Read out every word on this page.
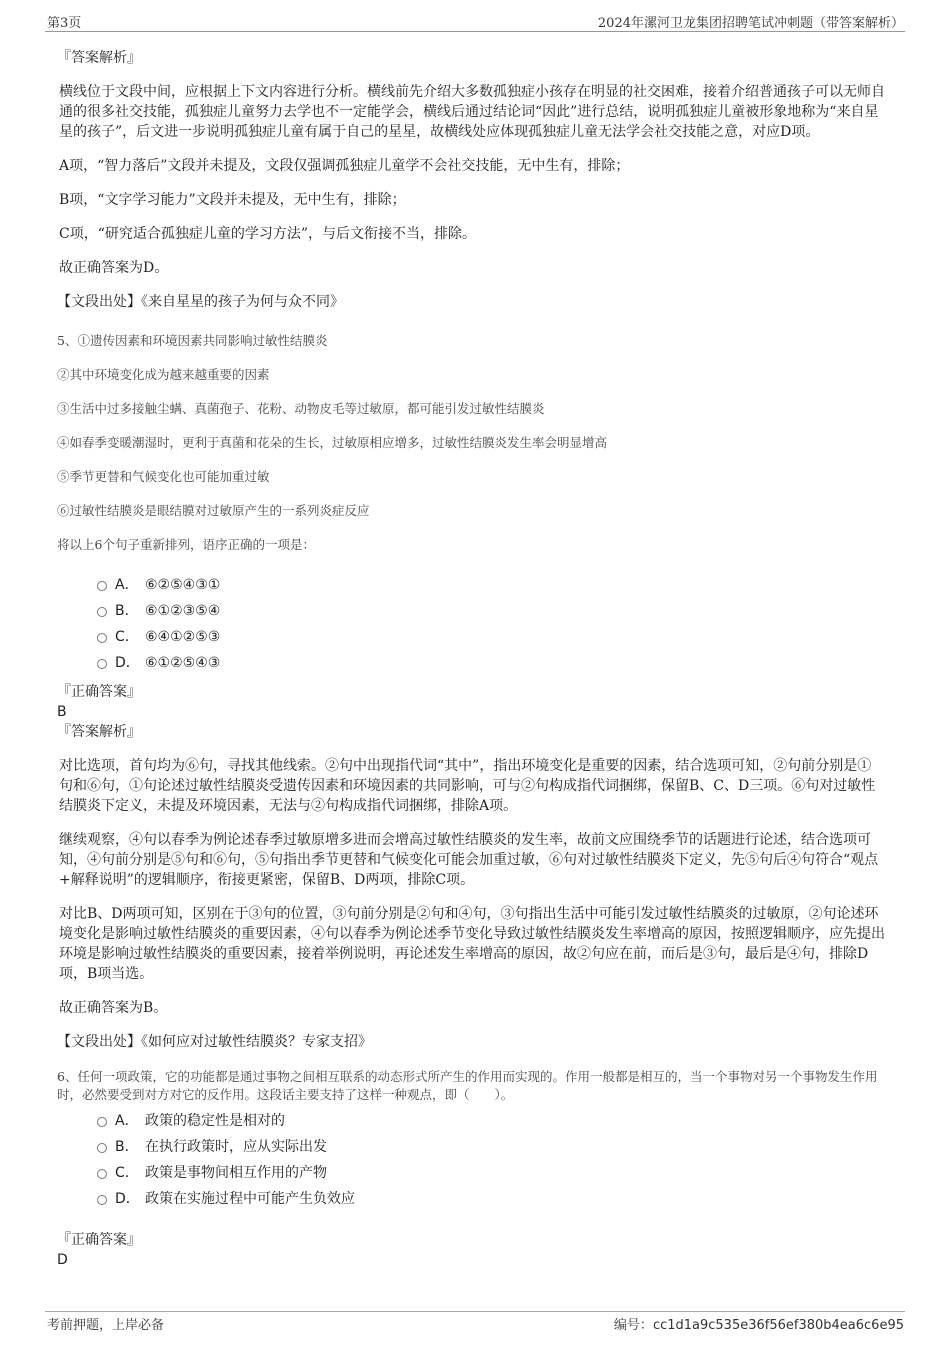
第3页	2024年漯河卫龙集团招聘笔试冲刺题（带答案解析）
『答案解析』

横线位于文段中间，应根据上下文内容进行分析。横线前先介绍大多数孤独症小孩存在明显的社交困难，接着介绍普通孩子可以无师自通的很多社交技能，孤独症儿童努力去学也不一定能学会，横线后通过结论词“因此”进行总结，说明孤独症儿童被形象地称为“来自星星的孩子”，后文进一步说明孤独症儿童有属于自己的星星，故横线处应体现孤独症儿童无法学会社交技能之意，对应D项。

A项，“智力落后”文段并未提及，文段仅强调孤独症儿童学不会社交技能，无中生有，排除；

B项，“文字学习能力”文段并未提及，无中生有，排除；

C项，“研究适合孤独症儿童的学习方法”，与后文衔接不当，排除。

故正确答案为D。

【文段出处】《来自星星的孩子为何与众不同》

5、①遗传因素和环境因素共同影响过敏性结膜炎

②其中环境变化成为越来越重要的因素

③生活中过多接触尘螨、真菌孢子、花粉、动物皮毛等过敏原，都可能引发过敏性结膜炎

④如春季变暖潮湿时，更利于真菌和花朵的生长，过敏原相应增多，过敏性结膜炎发生率会明显增高

⑤季节更替和气候变化也可能加重过敏

⑥过敏性结膜炎是眼结膜对过敏原产生的一系列炎症反应

将以上6个句子重新排列，语序正确的一项是：

A． ⑥②⑤④③①
B． ⑥①②③⑤④
C． ⑥④①②⑤③
D． ⑥①②⑤④③
『正确答案』
B
『答案解析』

对比选项，首句均为⑥句，寻找其他线索。②句中出现指代词“其中”，指出环境变化是重要的因素，结合选项可知，②句前分别是①句和⑥句，①句论述过敏性结膜炎受遗传因素和环境因素的共同影响，可与②句构成指代词捆绑，保留B、C、D三项。⑥句对过敏性结膜炎下定义，未提及环境因素，无法与②句构成指代词捆绑，排除A项。

继续观察，④句以春季为例论述春季过敏原增多进而会增高过敏性结膜炎的发生率，故前文应围绕季节的话题进行论述，结合选项可知，④句前分别是⑤句和⑥句，⑤句指出季节更替和气候变化可能会加重过敏，⑥句对过敏性结膜炎下定义，先⑤句后④句符合“观点+解释说明”的逻辑顺序，衔接更紧密，保留B、D两项，排除C项。

对比B、D两项可知，区别在于③句的位置，③句前分别是②句和④句，③句指出生活中可能引发过敏性结膜炎的过敏原，②句论述环境变化是影响过敏性结膜炎的重要因素，④句以春季为例论述季节变化导致过敏性结膜炎发生率增高的原因，按照逻辑顺序，应先提出环境是影响过敏性结膜炎的重要因素，接着举例说明，再论述发生率增高的原因，故②句应在前，而后是③句，最后是④句，排除D项，B项当选。

故正确答案为B。

【文段出处】《如何应对过敏性结膜炎？专家支招》

6、任何一项政策，它的功能都是通过事物之间相互联系的动态形式所产生的作用而实现的。作用一般都是相互的，当一个事物对另一个事物发生作用时，必然要受到对方对它的反作用。这段话主要支持了这样一种观点，即（　　）。

A． 政策的稳定性是相对的
B． 在执行政策时，应从实际出发
C． 政策是事物间相互作用的产物
D． 政策在实施过程中可能产生负效应
『正确答案』
D
考前押题，上岸必备	编号：cc1d1a9c535e36f56ef380b4ea6c6e95
